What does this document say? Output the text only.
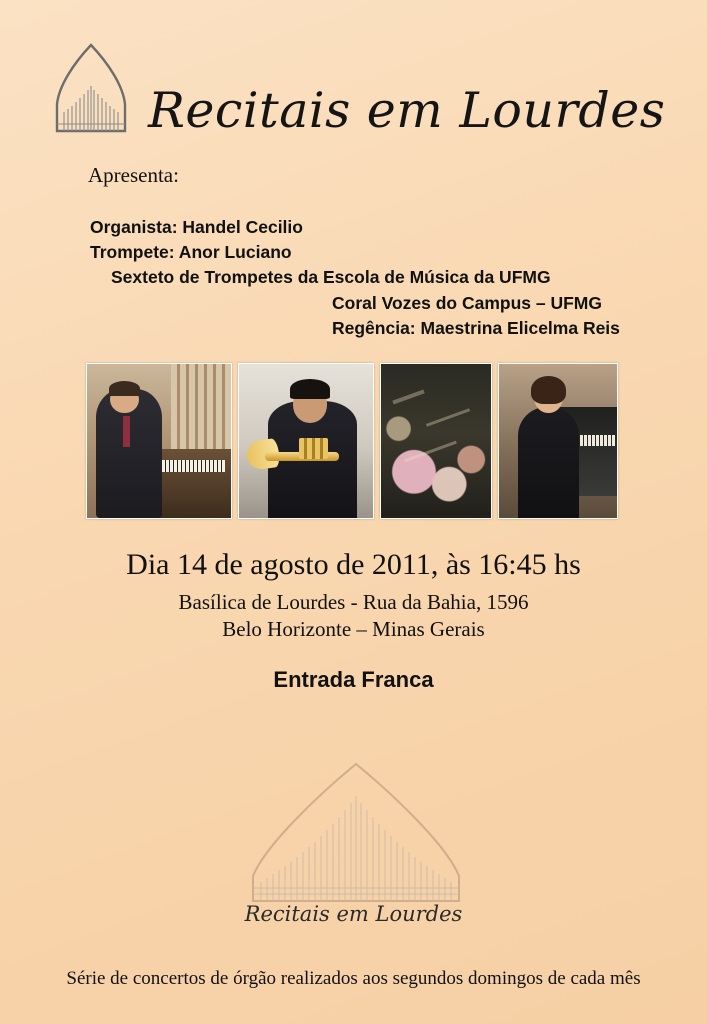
Recitais em Lourdes
Apresenta:
Organista: Handel Cecilio
Trompete: Anor Luciano
Sexteto de Trompetes da Escola de Música da UFMG
Coral Vozes do Campus – UFMG
Regência: Maestrina Elicelma Reis
Dia 14 de agosto de 2011, às 16:45 hs
Basílica de Lourdes - Rua da Bahia, 1596
Belo Horizonte – Minas Gerais
Entrada Franca
Recitais em Lourdes
Série de concertos de órgão realizados aos segundos domingos de cada mês
